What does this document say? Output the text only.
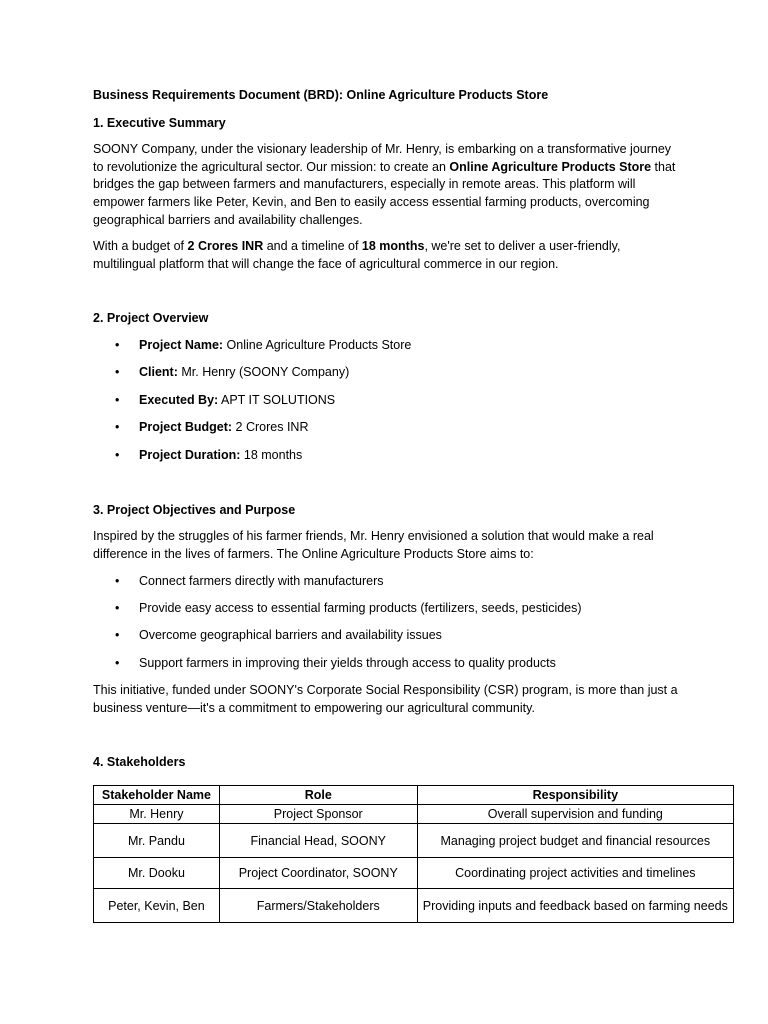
Business Requirements Document (BRD): Online Agriculture Products Store

1. Executive Summary

SOONY Company, under the visionary leadership of Mr. Henry, is embarking on a transformative journey to revolutionize the agricultural sector. Our mission: to create an Online Agriculture Products Store that bridges the gap between farmers and manufacturers, especially in remote areas. This platform will empower farmers like Peter, Kevin, and Ben to easily access essential farming products, overcoming geographical barriers and availability challenges.

With a budget of 2 Crores INR and a timeline of 18 months, we're set to deliver a user-friendly, multilingual platform that will change the face of agricultural commerce in our region.

2. Project Overview

• Project Name: Online Agriculture Products Store
• Client: Mr. Henry (SOONY Company)
• Executed By: APT IT SOLUTIONS
• Project Budget: 2 Crores INR
• Project Duration: 18 months

3. Project Objectives and Purpose

Inspired by the struggles of his farmer friends, Mr. Henry envisioned a solution that would make a real difference in the lives of farmers. The Online Agriculture Products Store aims to:

• Connect farmers directly with manufacturers
• Provide easy access to essential farming products (fertilizers, seeds, pesticides)
• Overcome geographical barriers and availability issues
• Support farmers in improving their yields through access to quality products

This initiative, funded under SOONY's Corporate Social Responsibility (CSR) program, is more than just a business venture—it's a commitment to empowering our agricultural community.

4. Stakeholders

Stakeholder Name	Role	Responsibility
Mr. Henry	Project Sponsor	Overall supervision and funding
Mr. Pandu	Financial Head, SOONY	Managing project budget and financial resources
Mr. Dooku	Project Coordinator, SOONY	Coordinating project activities and timelines
Peter, Kevin, Ben	Farmers/Stakeholders	Providing inputs and feedback based on farming needs
